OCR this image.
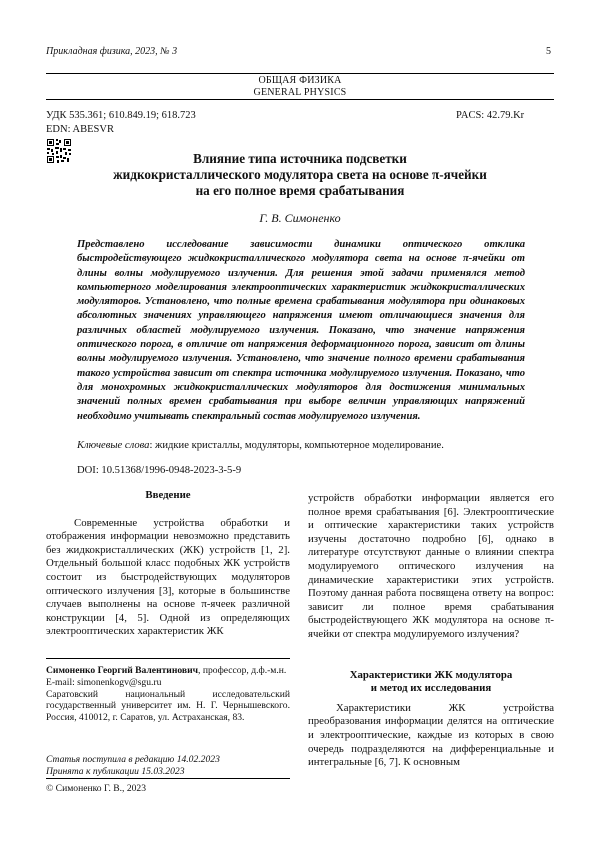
Прикладная физика, 2023, № 3	5
ОБЩАЯ ФИЗИКА
GENERAL PHYSICS
УДК 535.361; 610.849.19; 618.723
EDN: ABESVR
PACS: 42.79.Kr
Влияние типа источника подсветки
жидкокристаллического модулятора света на основе π-ячейки
на его полное время срабатывания
Г. В. Симоненко
Представлено исследование зависимости динамики оптического отклика быстродействующего жидкокристаллического модулятора света на основе π-ячейки от длины волны модулируемого излучения. Для решения этой задачи применялся метод компьютерного моделирования электрооптических характеристик жидкокристаллических модуляторов. Установлено, что полные времена срабатывания модулятора при одинаковых абсолютных значениях управляющего напряжения имеют отличающиеся значения для различных областей модулируемого излучения. Показано, что значение напряжения оптического порога, в отличие от напряжения деформационного порога, зависит от длины волны модулируемого излучения. Установлено, что значение полного времени срабатывания такого устройства зависит от спектра источника модулируемого излучения. Показано, что для монохромных жидкокристаллических модуляторов для достижения минимальных значений полных времен срабатывания при выборе величин управляющих напряжений необходимо учитывать спектральный состав модулируемого излучения.
Ключевые слова: жидкие кристаллы, модуляторы, компьютерное моделирование.
DOI: 10.51368/1996-0948-2023-3-5-9
Введение

Современные устройства обработки и отображения информации невозможно представить без жидкокристаллических (ЖК) устройств [1, 2]. Отдельный большой класс подобных ЖК устройств состоит из быстродействующих модуляторов оптического излучения [3], которые в большинстве случаев выполнены на основе π-ячеек различной конструкции [4, 5]. Одной из определяющих электрооптических характеристик ЖК

Симоненко Георгий Валентинович, профессор, д.ф.-м.н.
E-mail: simonenkogv@sgu.ru
Саратовский национальный исследовательский государственный университет им. Н. Г. Чернышевского. Россия, 410012, г. Саратов, ул. Астраханская, 83.
Статья поступила в редакцию 14.02.2023
Принята к публикации 15.03.2023
© Симоненко Г. В., 2023

устройств обработки информации является его полное время срабатывания [6]. Электрооптические и оптические характеристики таких устройств изучены достаточно подробно [6], однако в литературе отсутствуют данные о влиянии спектра модулируемого оптического излучения на динамические характеристики этих устройств. Поэтому данная работа посвящена ответу на вопрос: зависит ли полное время срабатывания быстродействующего ЖК модулятора на основе π-ячейки от спектра модулируемого излучения?

Характеристики ЖК модулятора
и метод их исследования

Характеристики ЖК устройства преобразования информации делятся на оптические и электрооптические, каждые из которых в свою очередь подразделяются на дифференциальные и интегральные [6, 7]. К основным
